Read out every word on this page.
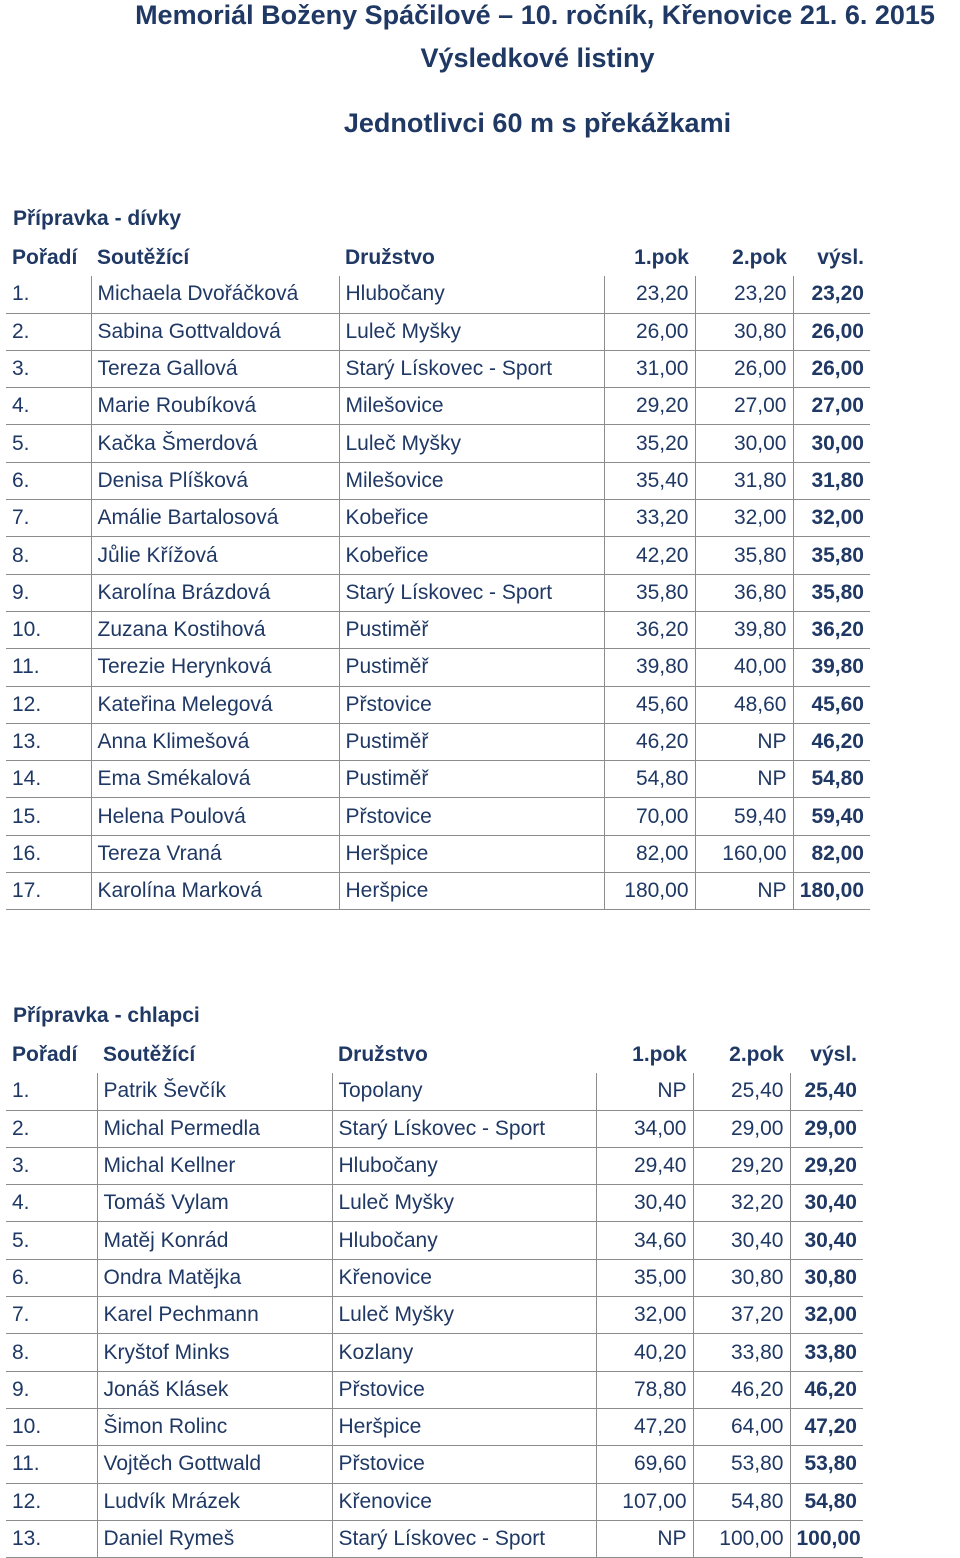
Memoriál Boženy Spáčilové – 10. ročník, Křenovice 21. 6. 2015
Výsledkové listiny
Jednotlivci 60 m s překážkami
Přípravka - dívky
Pořadí	Soutěžící	Družstvo	1.pok	2.pok	výsl.
1.	Michaela Dvořáčková	Hlubočany	23,20	23,20	23,20
2.	Sabina Gottvaldová	Luleč Myšky	26,00	30,80	26,00
3.	Tereza Gallová	Starý Lískovec - Sport	31,00	26,00	26,00
4.	Marie Roubíková	Milešovice	29,20	27,00	27,00
5.	Kačka Šmerdová	Luleč Myšky	35,20	30,00	30,00
6.	Denisa Plíšková	Milešovice	35,40	31,80	31,80
7.	Amálie Bartalosová	Kobeřice	33,20	32,00	32,00
8.	Jůlie Křížová	Kobeřice	42,20	35,80	35,80
9.	Karolína Brázdová	Starý Lískovec - Sport	35,80	36,80	35,80
10.	Zuzana Kostihová	Pustiměř	36,20	39,80	36,20
11.	Terezie Herynková	Pustiměř	39,80	40,00	39,80
12.	Kateřina Melegová	Přstovice	45,60	48,60	45,60
13.	Anna Klimešová	Pustiměř	46,20	NP	46,20
14.	Ema Smékalová	Pustiměř	54,80	NP	54,80
15.	Helena Poulová	Přstovice	70,00	59,40	59,40
16.	Tereza Vraná	Heršpice	82,00	160,00	82,00
17.	Karolína Marková	Heršpice	180,00	NP	180,00
Přípravka - chlapci
Pořadí	Soutěžící	Družstvo	1.pok	2.pok	výsl.
1.	Patrik Ševčík	Topolany	NP	25,40	25,40
2.	Michal Permedla	Starý Lískovec - Sport	34,00	29,00	29,00
3.	Michal Kellner	Hlubočany	29,40	29,20	29,20
4.	Tomáš Vylam	Luleč Myšky	30,40	32,20	30,40
5.	Matěj Konrád	Hlubočany	34,60	30,40	30,40
6.	Ondra Matějka	Křenovice	35,00	30,80	30,80
7.	Karel Pechmann	Luleč Myšky	32,00	37,20	32,00
8.	Kryštof Minks	Kozlany	40,20	33,80	33,80
9.	Jonáš Klásek	Přstovice	78,80	46,20	46,20
10.	Šimon Rolinc	Heršpice	47,20	64,00	47,20
11.	Vojtěch Gottwald	Přstovice	69,60	53,80	53,80
12.	Ludvík Mrázek	Křenovice	107,00	54,80	54,80
13.	Daniel Rymeš	Starý Lískovec - Sport	NP	100,00	100,00
